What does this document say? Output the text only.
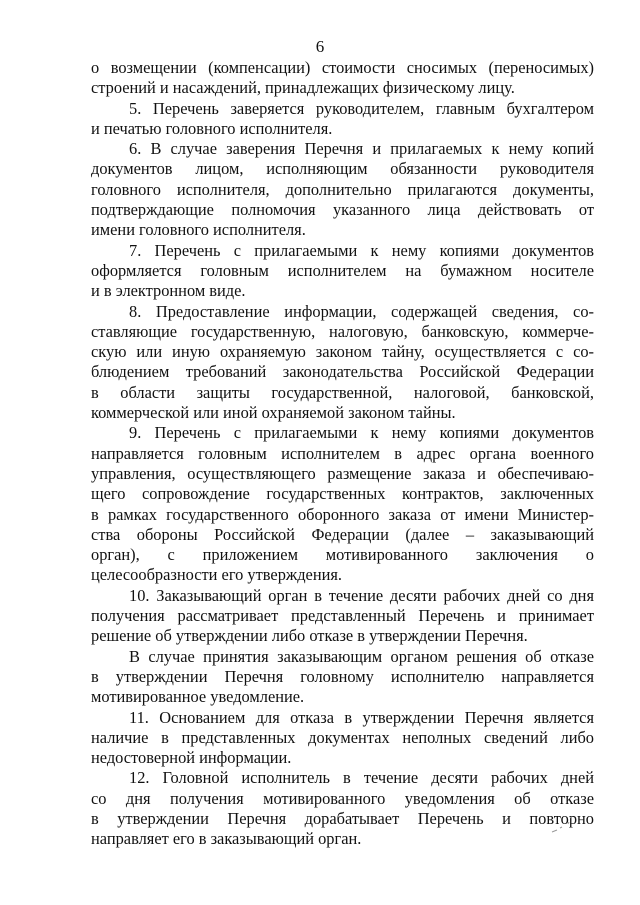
6
о возмещении (компенсации) стоимости сносимых (переносимых)
строений и насаждений, принадлежащих физическому лицу.
5. Перечень заверяется руководителем, главным бухгалтером
и печатью головного исполнителя.
6. В случае заверения Перечня и прилагаемых к нему копий
документов лицом, исполняющим обязанности руководителя
головного исполнителя, дополнительно прилагаются документы,
подтверждающие полномочия указанного лица действовать от
имени головного исполнителя.
7. Перечень с прилагаемыми к нему копиями документов
оформляется головным исполнителем на бумажном носителе
и в электронном виде.
8. Предоставление информации, содержащей сведения, со-
ставляющие государственную, налоговую, банковскую, коммерче-
скую или иную охраняемую законом тайну, осуществляется с со-
блюдением требований законодательства Российской Федерации
в области защиты государственной, налоговой, банковской,
коммерческой или иной охраняемой законом тайны.
9. Перечень с прилагаемыми к нему копиями документов
направляется головным исполнителем в адрес органа военного
управления, осуществляющего размещение заказа и обеспечиваю-
щего сопровождение государственных контрактов, заключенных
в рамках государственного оборонного заказа от имени Министер-
ства обороны Российской Федерации (далее – заказывающий
орган), с приложением мотивированного заключения о
целесообразности его утверждения.
10. Заказывающий орган в течение десяти рабочих дней со дня
получения рассматривает представленный Перечень и принимает
решение об утверждении либо отказе в утверждении Перечня.
В случае принятия заказывающим органом решения об отказе
в утверждении Перечня головному исполнителю направляется
мотивированное уведомление.
11. Основанием для отказа в утверждении Перечня является
наличие в представленных документах неполных сведений либо
недостоверной информации.
12. Головной исполнитель в течение десяти рабочих дней
со дня получения мотивированного уведомления об отказе
в утверждении Перечня дорабатывает Перечень и повторно
направляет его в заказывающий орган.
